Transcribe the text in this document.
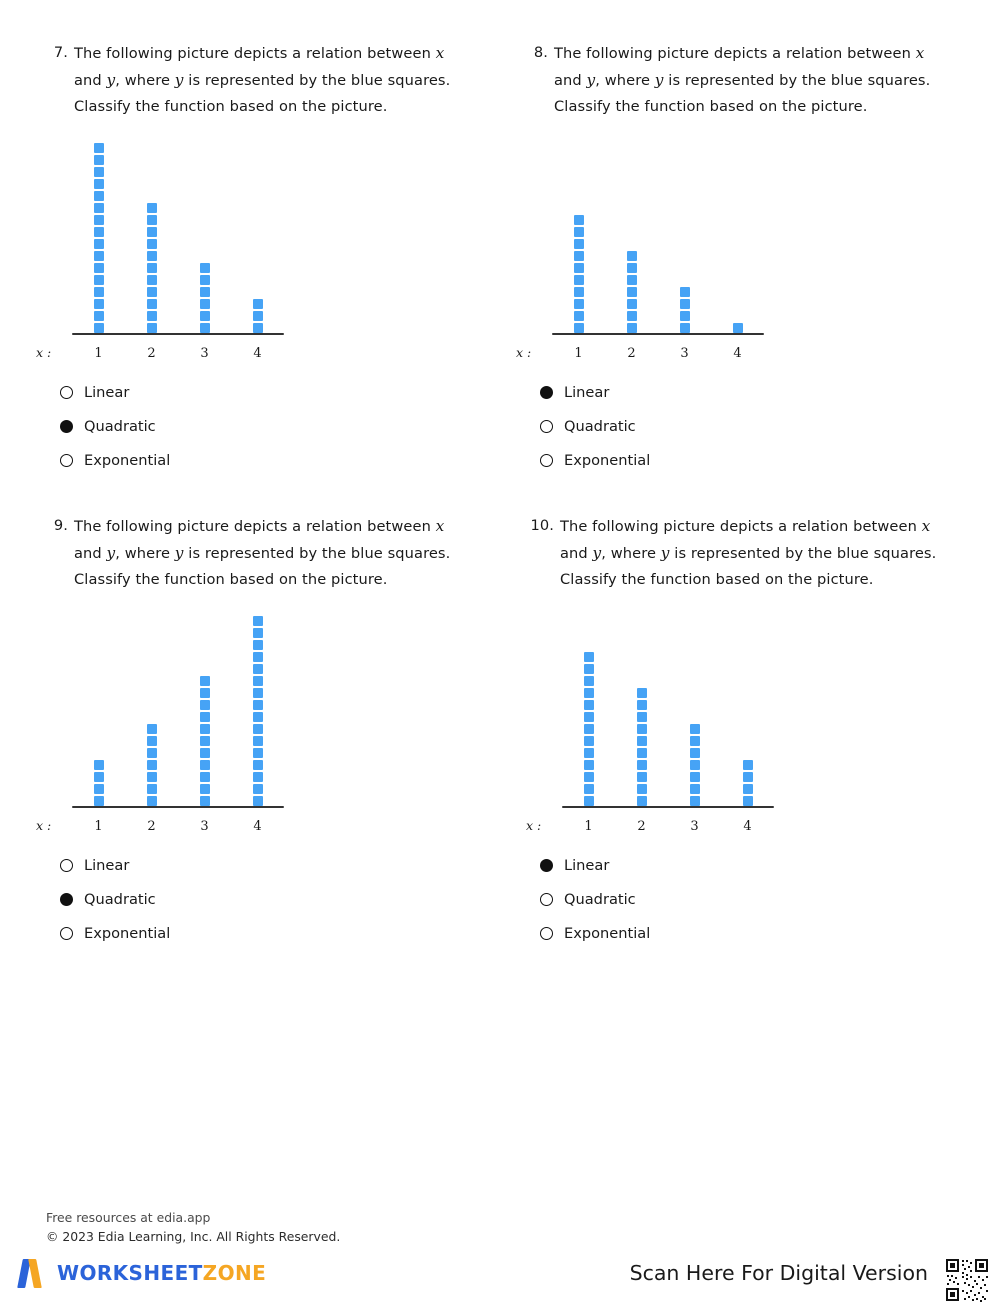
7. The following picture depicts a relation between x and y, where y is represented by the blue squares. Classify the function based on the picture.
x :	1	2	3	4
Linear
Quadratic
Exponential
8. The following picture depicts a relation between x and y, where y is represented by the blue squares. Classify the function based on the picture.
x :	1	2	3	4
Linear
Quadratic
Exponential
9. The following picture depicts a relation between x and y, where y is represented by the blue squares. Classify the function based on the picture.
x :	1	2	3	4
Linear
Quadratic
Exponential
10. The following picture depicts a relation between x and y, where y is represented by the blue squares. Classify the function based on the picture.
x :	1	2	3	4
Linear
Quadratic
Exponential
Free resources at edia.app
© 2023 Edia Learning, Inc. All Rights Reserved.
WORKSHEETZONE	Scan Here For Digital Version
